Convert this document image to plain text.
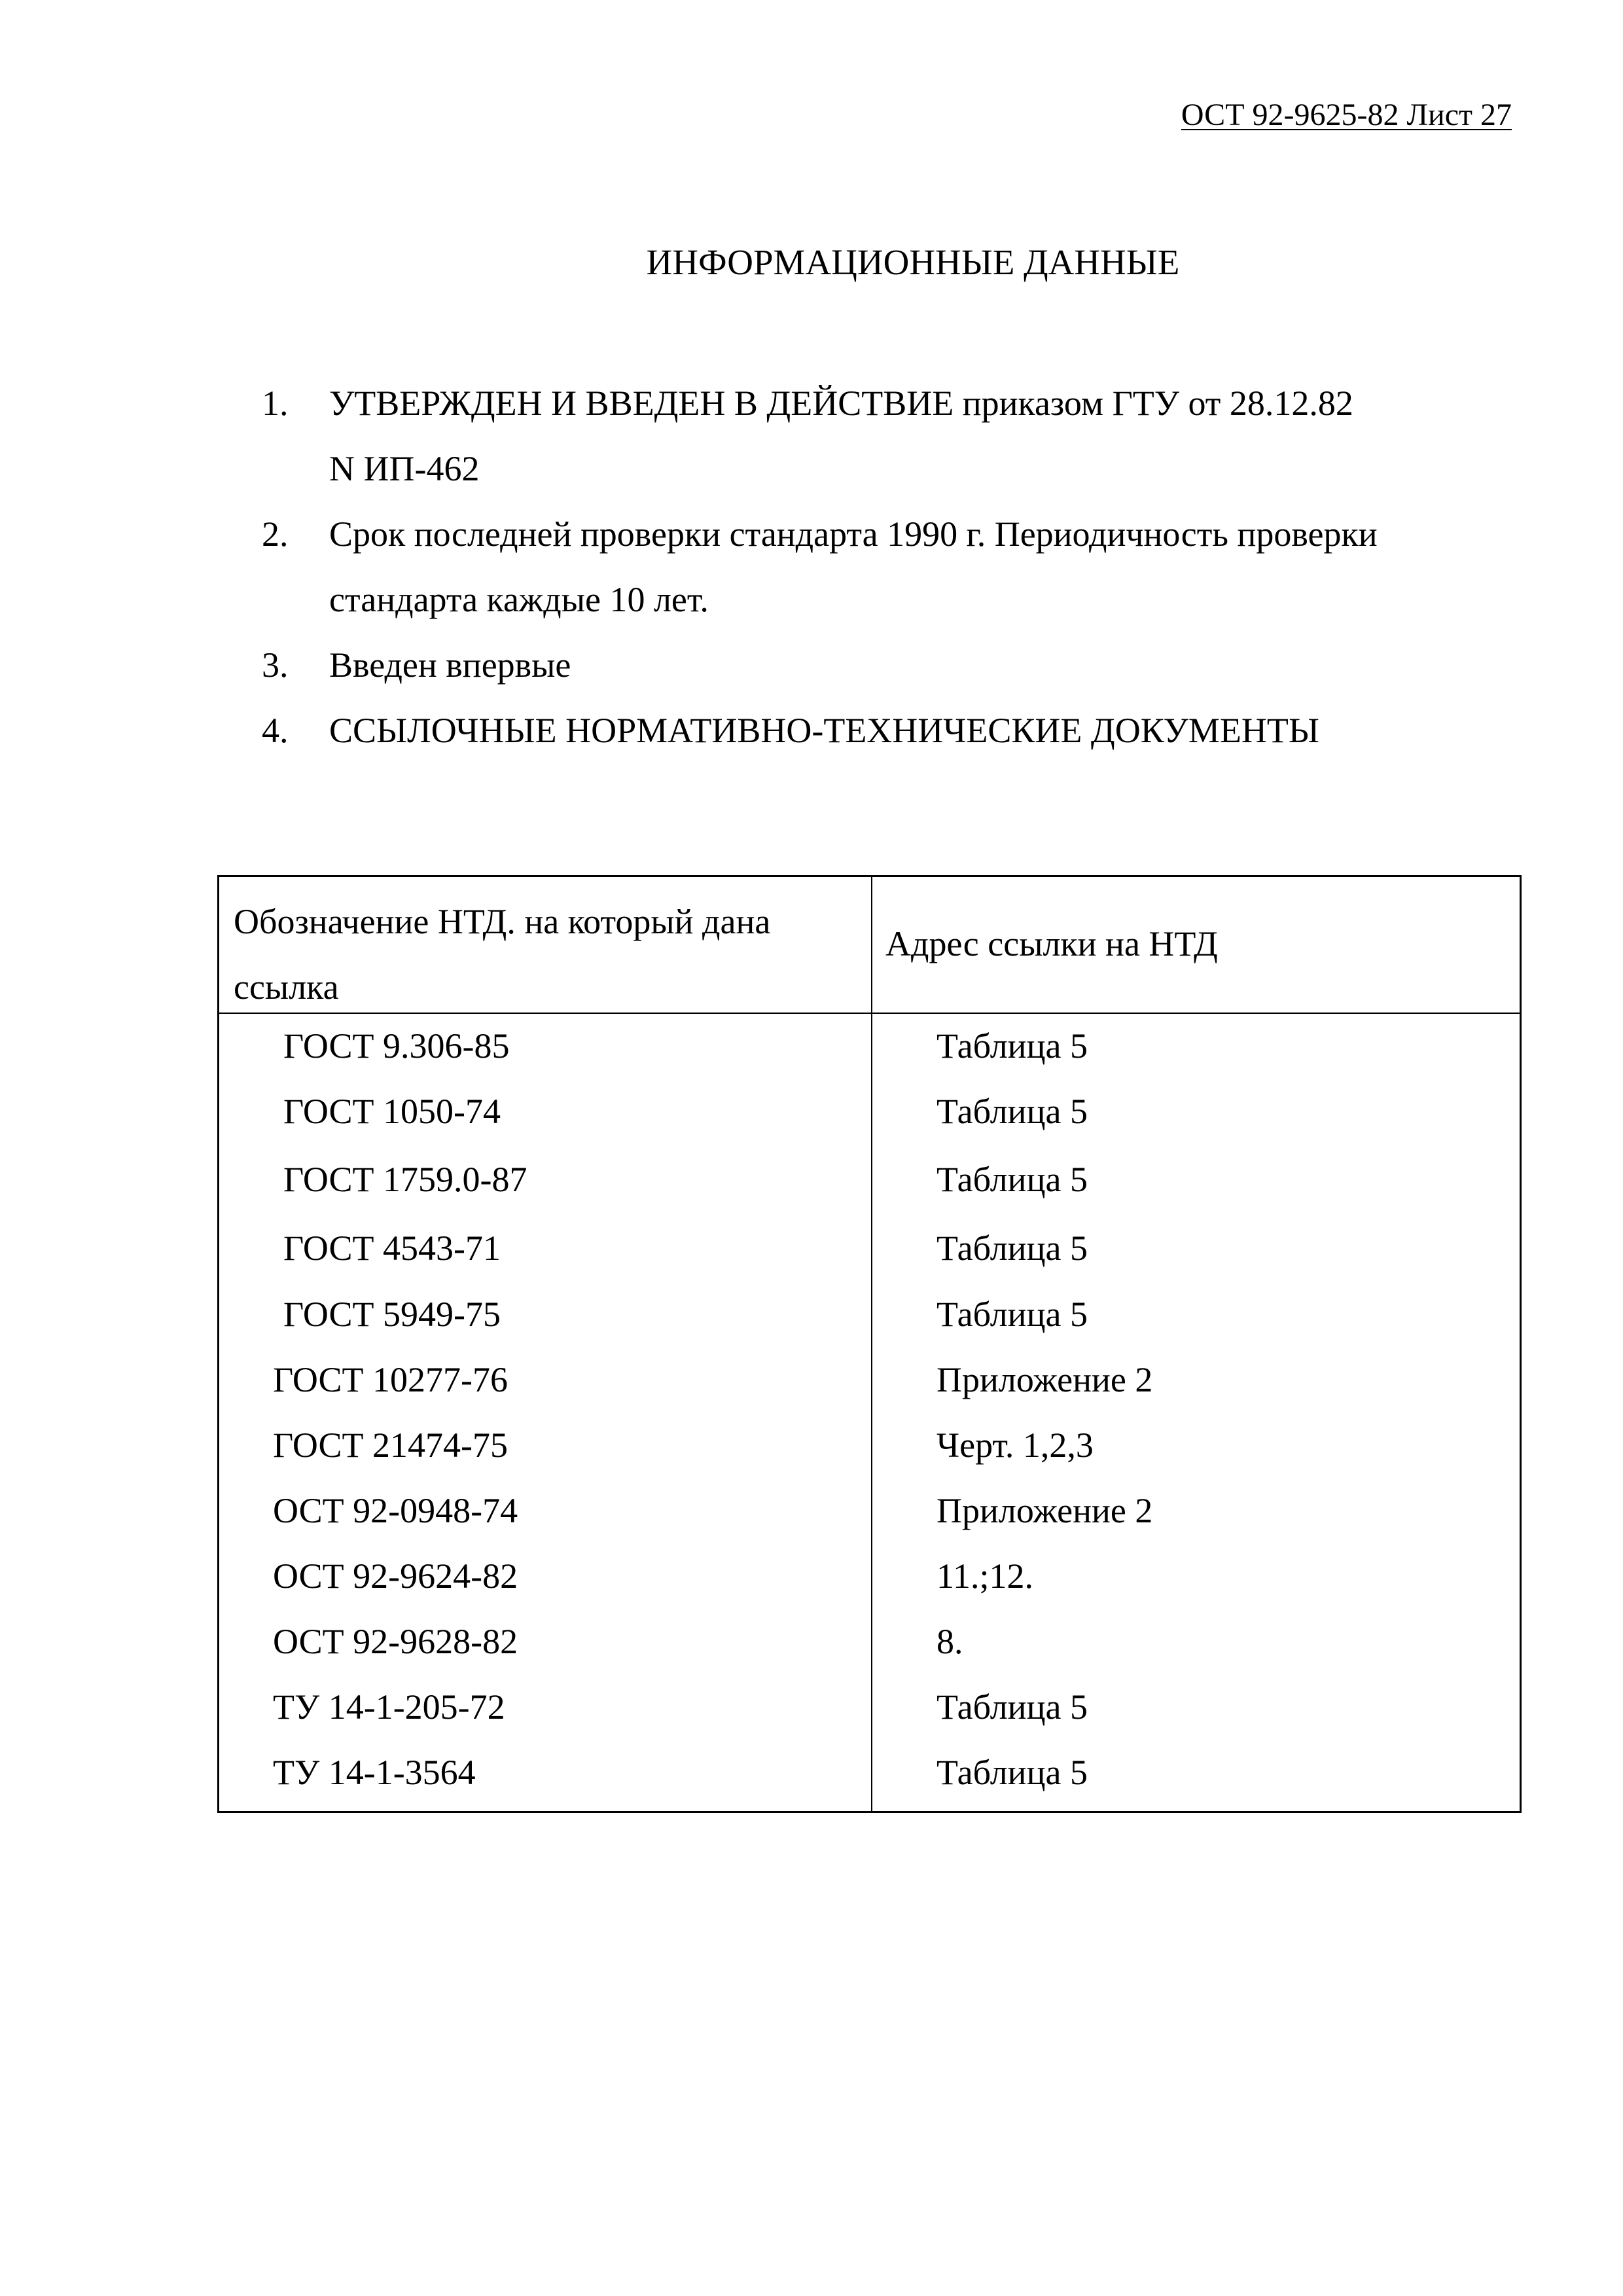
ОСТ 92-9625-82 Лист 27
ИНФОРМАЦИОННЫЕ ДАННЫЕ
1. УТВЕРЖДЕН И ВВЕДЕН В ДЕЙСТВИЕ приказом ГТУ от 28.12.82
N ИП-462
2. Срок последней проверки стандарта 1990 г. Периодичность проверки
стандарта каждые 10 лет.
3. Введен впервые
4. ССЫЛОЧНЫЕ НОРМАТИВНО-ТЕХНИЧЕСКИЕ ДОКУМЕНТЫ
Обозначение НТД. на который дана ссылка
Адрес ссылки на НТД
ГОСТ 9.306-85	Таблица 5
ГОСТ 1050-74	Таблица 5
ГОСТ 1759.0-87	Таблица 5
ГОСТ 4543-71	Таблица 5
ГОСТ 5949-75	Таблица 5
ГОСТ 10277-76	Приложение 2
ГОСТ 21474-75	Черт. 1,2,3
ОСТ 92-0948-74	Приложение 2
ОСТ 92-9624-82	11.;12.
ОСТ 92-9628-82	8.
ТУ 14-1-205-72	Таблица 5
ТУ 14-1-3564	Таблица 5
